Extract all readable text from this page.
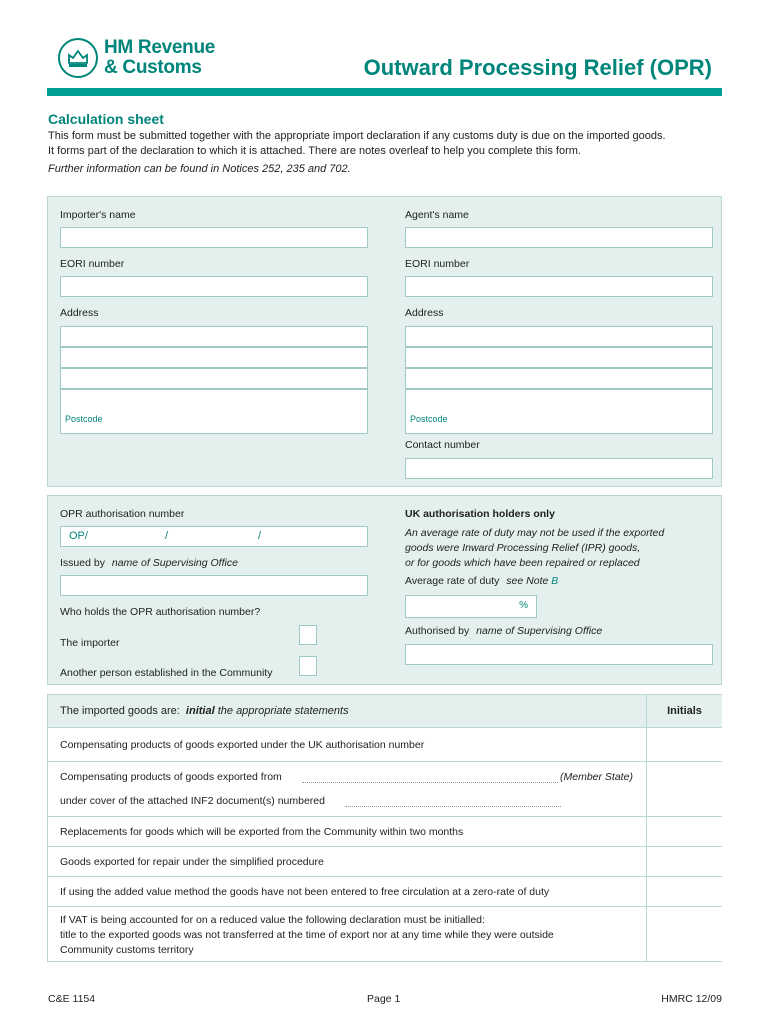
HM Revenue
& Customs	Outward Processing Relief (OPR)
Calculation sheet
This form must be submitted together with the appropriate import declaration if any customs duty is due on the imported goods.
It forms part of the declaration to which it is attached. There are notes overleaf to help you complete this form.
Further information can be found in Notices 252, 235 and 702.
Importer's name	Agent's name
EORI number	EORI number
Address	Address
Postcode	Postcode
Contact number
OPR authorisation number
OP/	/	/
Issued by name of Supervising Office
Who holds the OPR authorisation number?
The importer
Another person established in the Community
UK authorisation holders only
An average rate of duty may not be used if the exported
goods were Inward Processing Relief (IPR) goods,
or for goods which have been repaired or replaced
Average rate of duty see Note B
%
Authorised by name of Supervising Office
The imported goods are: initial the appropriate statements	Initials
Compensating products of goods exported under the UK authorisation number
Compensating products of goods exported from	(Member State)
under cover of the attached INF2 document(s) numbered
Replacements for goods which will be exported from the Community within two months
Goods exported for repair under the simplified procedure
If using the added value method the goods have not been entered to free circulation at a zero-rate of duty
If VAT is being accounted for on a reduced value the following declaration must be initialled:
title to the exported goods was not transferred at the time of export nor at any time while they were outside
Community customs territory
C&E 1154	Page 1	HMRC 12/09
